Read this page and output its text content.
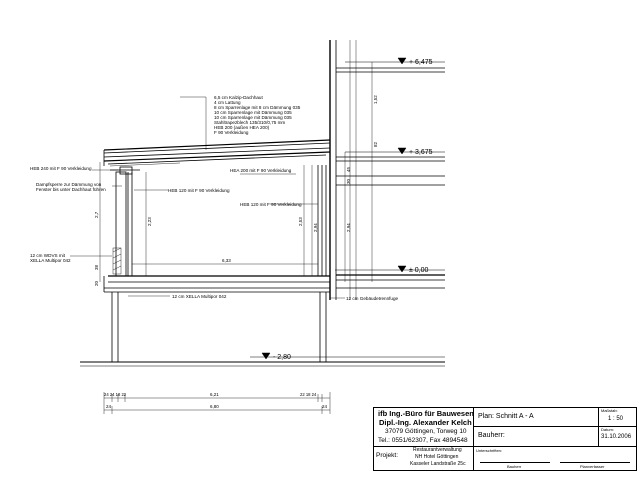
6,5 cm Kalzip-Dachhaut
4 cm Lattung
8 cm Sparrenlage mit 8 cm Dämmung 035
10 cm Sparrenlage mit Dämmung 035
10 cm Sparrenlage mit Dämmung 035
Stahltrapezblech 135/310/0,75 mm
HEB 200 (außen HEA 200)
F 90 Verkleidung
HEB 240 mit F 90 Verkleidung
Dampfsperre zur Dämmung von
Fenster bis unter Dachhaut führen
HEA 200 mit F 90 Verkleidung
HEB 120 mit F 90 Verkleidung
HEB 120 mit F 90 Verkleidung
12 cm WDVS mit
XELLA Multipor 042
12 cm XELLA Multipor 042	12 cm Gebäudetrennfuge
+ 6,475
+ 3,675
± 0,00
- 2,80
1,52
82
45
2,94
2,7
2,23	2,53
2,94
6,33
38
20
30
24 24 18 22	6,21	22 18 24
24	6,80	24
ifb Ing.-Büro für Bauwesen
Dipl.-Ing. Alexander Kelch
37079 Göttingen, Torweg 10
Tel.: 0551/62307, Fax 4894548
Projekt:
Restaurantverwaltung
NH Hotel Göttingen
Kasseler Landstraße 25c
Plan: Schnitt A - A
Bauherr:
Maßstab:
1 : 50
Datum:
31.10.2006
Unterschriften:
Bauherr	Planverfasser
